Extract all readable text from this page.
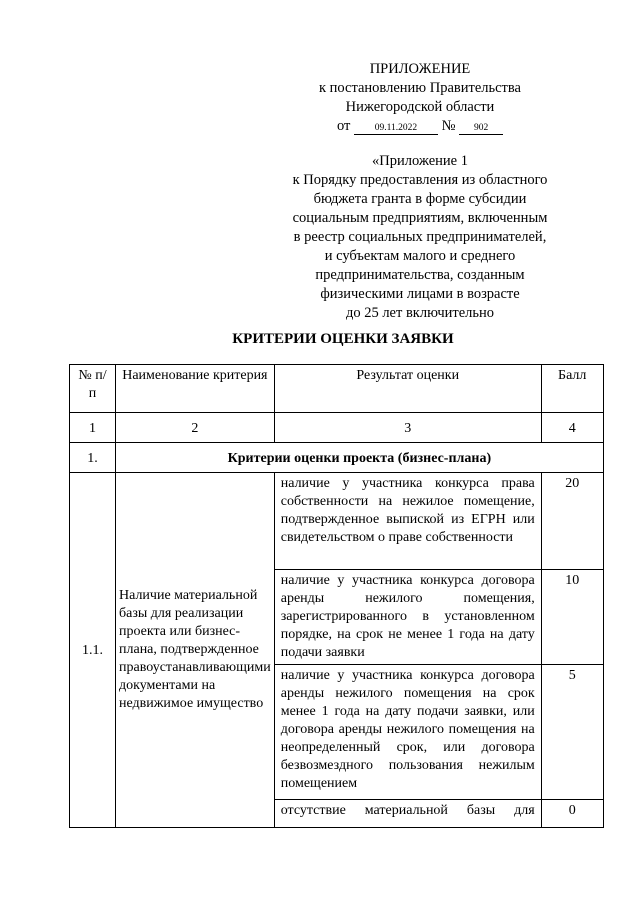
ПРИЛОЖЕНИЕ
к постановлению Правительства
Нижегородской области
от	09.11.2022 № 902
«Приложение 1
к Порядку предоставления из областного
бюджета гранта в форме субсидии
социальным предприятиям, включенным
в реестр социальных предпринимателей,
и субъектам малого и среднего
предпринимательства, созданным
физическими лицами в возрасте
до 25 лет включительно
КРИТЕРИИ ОЦЕНКИ ЗАЯВКИ
№ п/п	Наименование критерия	Результат оценки	Балл
1	2	3	4
1.	Критерии оценки проекта (бизнес-плана)		
1.1.	Наличие материальной базы для реализации проекта или бизнес-плана, подтвержденное правоустанавливающими документами на недвижимое имущество	наличие у участника конкурса права собственности на нежилое помещение, подтвержденное выпиской из ЕГРН или свидетельством о праве собственности	20
		наличие у участника конкурса договора аренды нежилого помещения, зарегистрированного в установленном порядке, на срок не менее 1 года на дату подачи заявки	10
		наличие у участника конкурса договора аренды нежилого помещения на срок менее 1 года на дату подачи заявки, или договора аренды нежилого помещения на неопределенный срок, или договора безвозмездного пользования нежилым помещением	5
		отсутствие материальной базы для	0
